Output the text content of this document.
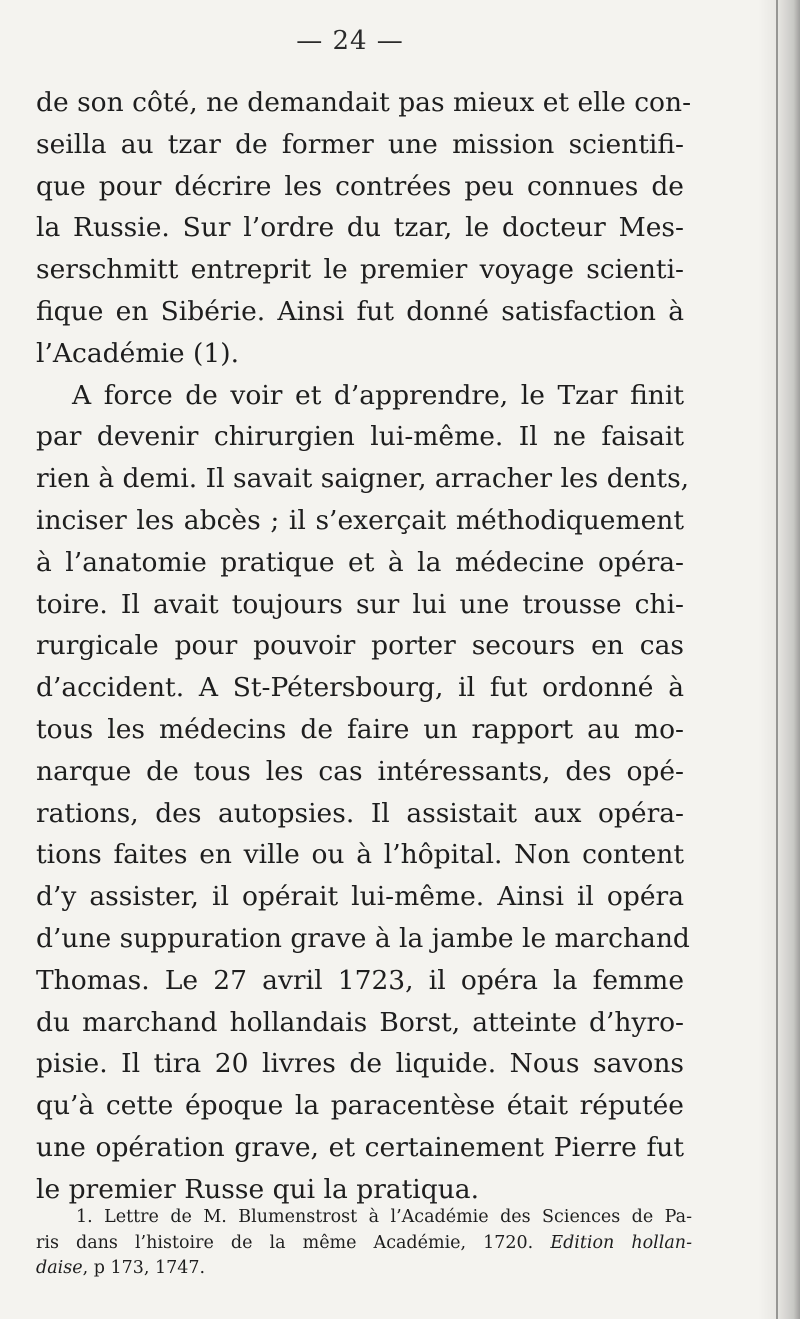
— 24 —
de son côté, ne demandait pas mieux et elle con-
seilla au tzar de former une mission scientifi-
que pour décrire les contrées peu connues de
la Russie. Sur l’ordre du tzar, le docteur Mes-
serschmitt entreprit le premier voyage scienti-
fique en Sibérie. Ainsi fut donné satisfaction à
l’Académie (1).
A force de voir et d’apprendre, le Tzar finit
par devenir chirurgien lui-même. Il ne faisait
rien à demi. Il savait saigner, arracher les dents,
inciser les abcès ; il s’exerçait méthodiquement
à l’anatomie pratique et à la médecine opéra-
toire. Il avait toujours sur lui une trousse chi-
rurgicale pour pouvoir porter secours en cas
d’accident. A St-Pétersbourg, il fut ordonné à
tous les médecins de faire un rapport au mo-
narque de tous les cas intéressants, des opé-
rations, des autopsies. Il assistait aux opéra-
tions faites en ville ou à l’hôpital. Non content
d’y assister, il opérait lui-même. Ainsi il opéra
d’une suppuration grave à la jambe le marchand
Thomas. Le 27 avril 1723, il opéra la femme
du marchand hollandais Borst, atteinte d’hyro-
pisie. Il tira 20 livres de liquide. Nous savons
qu’à cette époque la paracentèse était réputée
une opération grave, et certainement Pierre fut
le premier Russe qui la pratiqua.
1. Lettre de M. Blumenstrost à l’Académie des Sciences de Pa-
ris dans l’histoire de la même Académie, 1720. Edition hollan-
daise, p 173, 1747.
